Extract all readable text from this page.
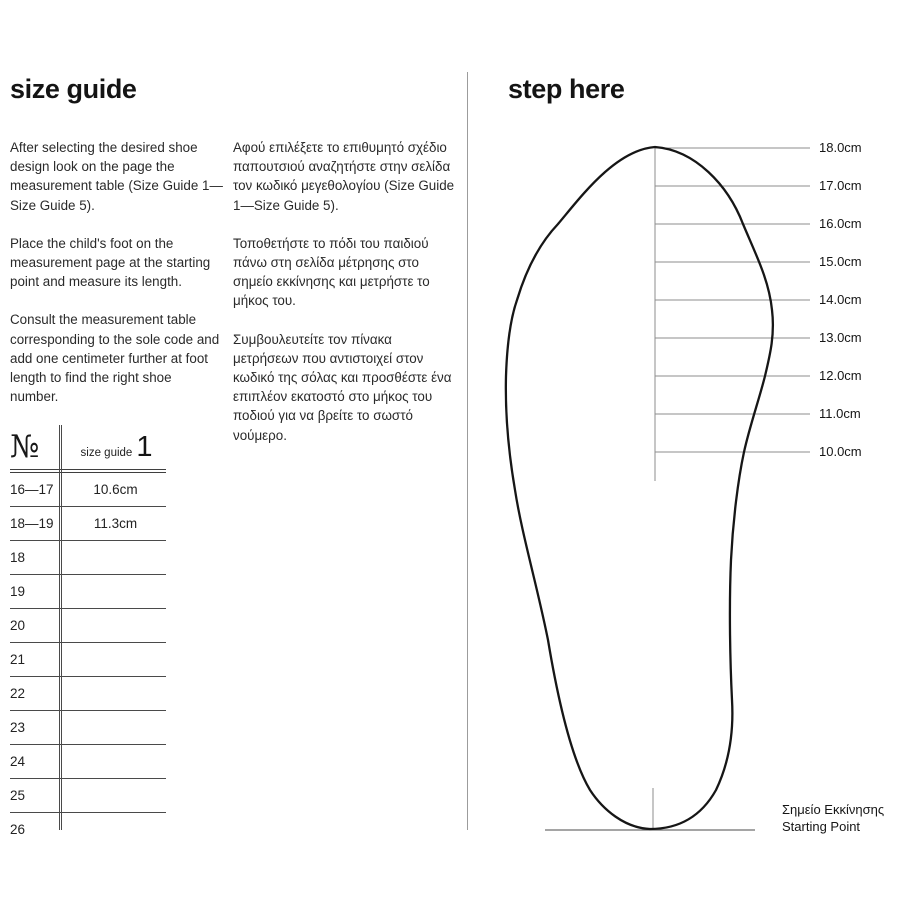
size guide	step here

After selecting the desired shoe design look on the page the measurement table (Size Guide 1—Size Guide 5).

Place the child's foot on the measurement page at the starting point and measure its length.

Consult the measurement table corresponding to the sole code and add one centimeter further at foot length to find the right shoe number.

Αφού επιλέξετε το επιθυμητό σχέδιο παπουτσιού αναζητήστε στην σελίδα τον κωδικό μεγεθολογίου (Size Guide 1—Size Guide 5).

Τοποθετήστε το πόδι του παιδιού πάνω στη σελίδα μέτρησης στο σημείο εκκίνησης και μετρήστε το μήκος του.

Συμβουλευτείτε τον πίνακα μετρήσεων που αντιστοιχεί στον κωδικό της σόλας και προσθέστε ένα επιπλέον εκατοστό στο μήκος του ποδιού για να βρείτε το σωστό νούμερο.

№	size guide 1
16—17	10.6cm
18—19	11.3cm
18
19
20
21
22
23
24
25
26
18.0cm
17.0cm
16.0cm
15.0cm
14.0cm
13.0cm
12.0cm
11.0cm
10.0cm
Σημείο Εκκίνησης
Starting Point
